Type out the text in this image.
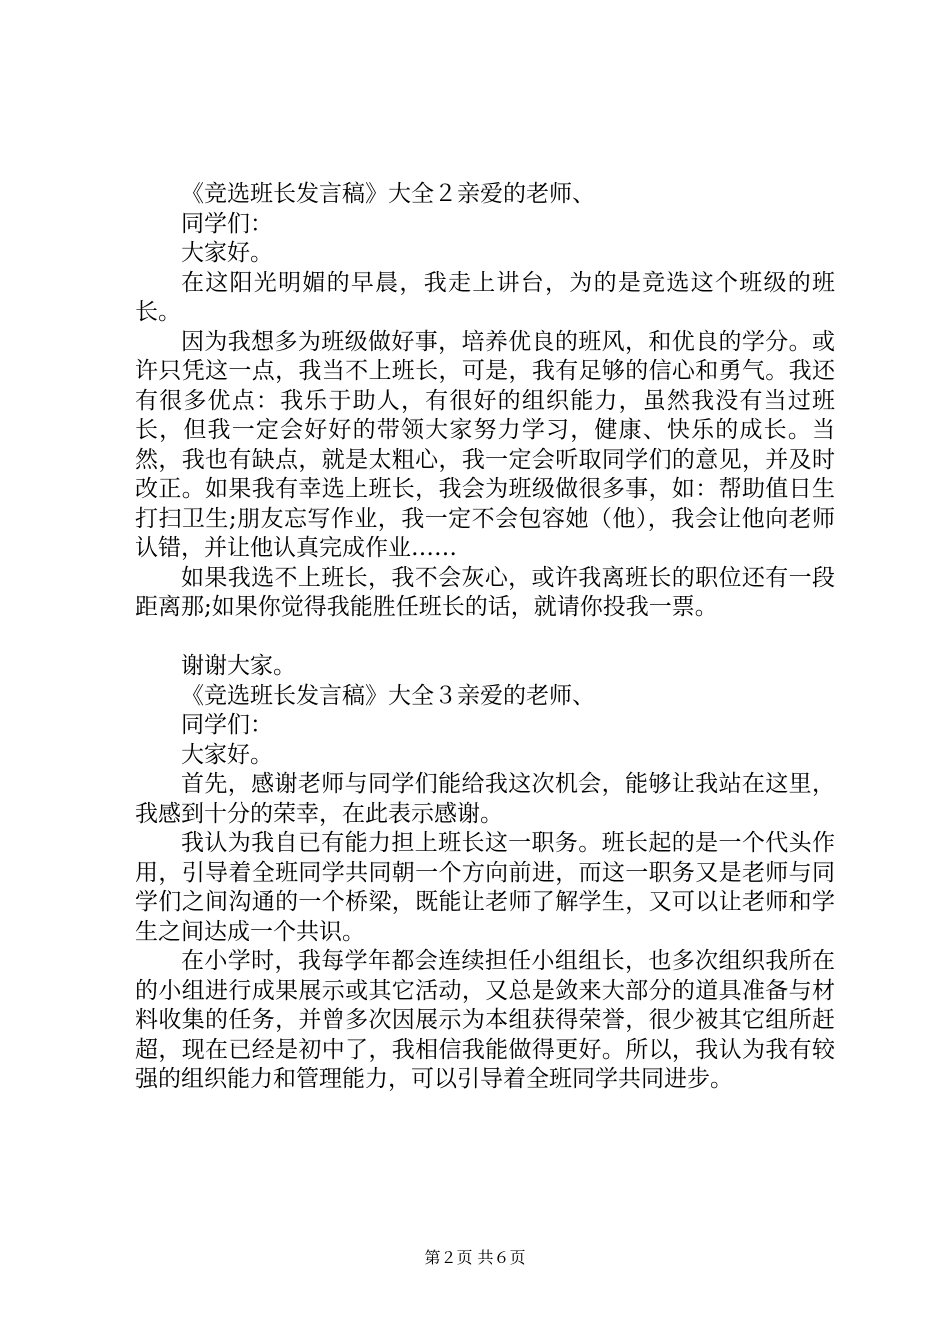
《竞选班长发言稿》大全２亲爱的老师、

同学们：

大家好。

在这阳光明媚的早晨，我走上讲台，为的是竞选这个班级的班长。

因为我想多为班级做好事，培养优良的班风，和优良的学分。或许只凭这一点，我当不上班长，可是，我有足够的信心和勇气。我还有很多优点：我乐于助人，有很好的组织能力，虽然我没有当过班长，但我一定会好好的带领大家努力学习，健康、快乐的成长。当然，我也有缺点，就是太粗心，我一定会听取同学们的意见，并及时改正。如果我有幸选上班长，我会为班级做很多事，如：帮助值日生打扫卫生;朋友忘写作业，我一定不会包容她（他），我会让他向老师认错，并让他认真完成作业……

如果我选不上班长，我不会灰心，或许我离班长的职位还有一段距离那;如果你觉得我能胜任班长的话，就请你投我一票。

谢谢大家。

《竞选班长发言稿》大全３亲爱的老师、

同学们：

大家好。

首先，感谢老师与同学们能给我这次机会，能够让我站在这里，我感到十分的荣幸，在此表示感谢。

我认为我自已有能力担上班长这一职务。班长起的是一个代头作用，引导着全班同学共同朝一个方向前进，而这一职务又是老师与同学们之间沟通的一个桥梁，既能让老师了解学生，又可以让老师和学生之间达成一个共识。

在小学时，我每学年都会连续担任小组组长，也多次组织我所在的小组进行成果展示或其它活动，又总是敛来大部分的道具准备与材料收集的任务，并曾多次因展示为本组获得荣誉，很少被其它组所赶超，现在已经是初中了，我相信我能做得更好。所以，我认为我有较强的组织能力和管理能力，可以引导着全班同学共同进步。

第２页 共６页
